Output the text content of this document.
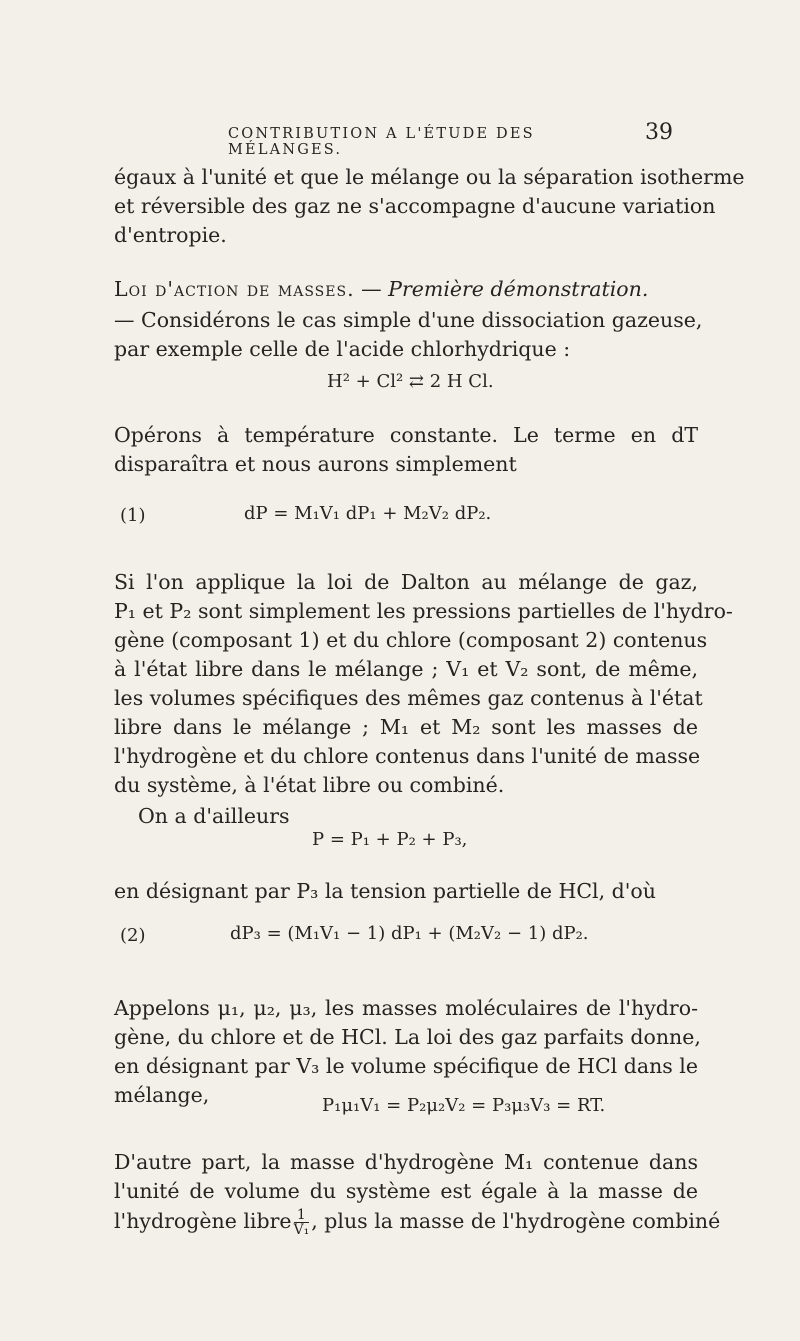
CONTRIBUTION A L'ÉTUDE DES MÉLANGES.
39
égaux à l'unité et que le mélange ou la séparation isotherme
et réversible des gaz ne s'accompagne d'aucune variation
d'entropie.
Loi d'action de masses. — Première démonstration.
— Considérons le cas simple d'une dissociation gazeuse,
par exemple celle de l'acide chlorhydrique :
H² + Cl² ⇄ 2 H Cl.
Opérons à température constante. Le terme en dT
disparaîtra et nous aurons simplement
(1)	dP = M₁V₁ dP₁ + M₂V₂ dP₂.
Si l'on applique la loi de Dalton au mélange de gaz,
P₁ et P₂ sont simplement les pressions partielles de l'hydro-
gène (composant 1) et du chlore (composant 2) contenus
à l'état libre dans le mélange ; V₁ et V₂ sont, de même,
les volumes spécifiques des mêmes gaz contenus à l'état
libre dans le mélange ; M₁ et M₂ sont les masses de
l'hydrogène et du chlore contenus dans l'unité de masse
du système, à l'état libre ou combiné.
On a d'ailleurs
P = P₁ + P₂ + P₃,
en désignant par P₃ la tension partielle de HCl, d'où
(2)	dP₃ = (M₁V₁ − 1) dP₁ + (M₂V₂ − 1) dP₂.
Appelons μ₁, μ₂, μ₃, les masses moléculaires de l'hydro-
gène, du chlore et de HCl. La loi des gaz parfaits donne,
en désignant par V₃ le volume spécifique de HCl dans le
mélange,	P₁μ₁V₁ = P₂μ₂V₂ = P₃μ₃V₃ = RT.
D'autre part, la masse d'hydrogène M₁ contenue dans
l'unité de volume du système est égale à la masse de
l'hydrogène libre $\frac{1}{\text{V₁}}$ , plus la masse de l'hydrogène combiné
